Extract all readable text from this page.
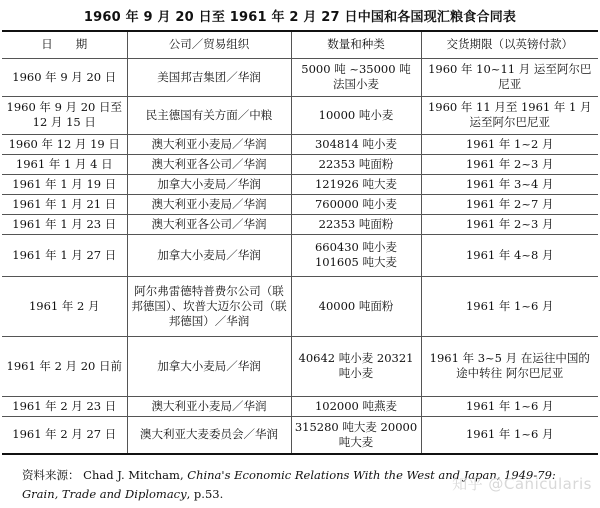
1960 年 9 月 20 日至 1961 年 2 月 27 日中国和各国现汇粮食合同表
日　　期	公司／贸易组织	数量和种类	交货期限（以英镑付款）
1960 年 9 月 20 日	美国邦吉集团／华润	5000 吨 ~35000 吨 法国小麦	1960 年 10~11 月 运至阿尔巴尼亚
1960 年 9 月 20 日至 12 月 15 日	民主德国有关方面／中粮	10000 吨小麦	1960 年 11 月至 1961 年 1 月 运至阿尔巴尼亚
1960 年 12 月 19 日	澳大利亚小麦局／华润	304814 吨小麦	1961 年 1~2 月
1961 年 1 月 4 日	澳大利亚各公司／华润	22353 吨面粉	1961 年 2~3 月
1961 年 1 月 19 日	加拿大小麦局／华润	121926 吨大麦	1961 年 3~4 月
1961 年 1 月 21 日	澳大利亚小麦局／华润	760000 吨小麦	1961 年 2~7 月
1961 年 1 月 23 日	澳大利亚各公司／华润	22353 吨面粉	1961 年 2~3 月
1961 年 1 月 27 日	加拿大小麦局／华润	660430 吨小麦 101605 吨大麦	1961 年 4~8 月
1961 年 2 月	阿尔弗雷德特普费尔公司（联邦德国）、坎普大迈尔公司（联邦德国）／华润	40000 吨面粉	1961 年 1~6 月
1961 年 2 月 20 日前	加拿大小麦局／华润	40642 吨小麦 20321 吨小麦	1961 年 3~5 月 在运往中国的途中转往 阿尔巴尼亚
1961 年 2 月 23 日	澳大利亚小麦局／华润	102000 吨燕麦	1961 年 1~6 月
1961 年 2 月 27 日	澳大利亚大麦委员会／华润	315280 吨大麦 20000 吨大麦	1961 年 1~6 月
资料来源： Chad J. Mitcham, China's Economic Relations With the West and Japan, 1949-79: Grain, Trade and Diplomacy, p.53.
知乎 @Canicularis
